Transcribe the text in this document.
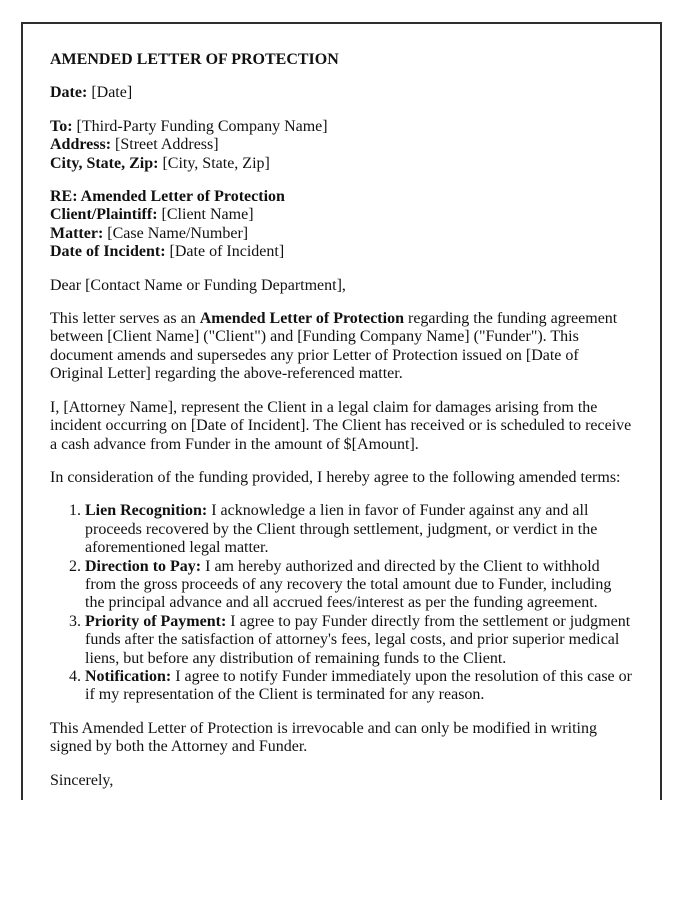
AMENDED LETTER OF PROTECTION

Date: [Date]

To: [Third-Party Funding Company Name]
Address: [Street Address]
City, State, Zip: [City, State, Zip]

RE: Amended Letter of Protection
Client/Plaintiff: [Client Name]
Matter: [Case Name/Number]
Date of Incident: [Date of Incident]

Dear [Contact Name or Funding Department],

This letter serves as an Amended Letter of Protection regarding the funding agreement between [Client Name] ("Client") and [Funding Company Name] ("Funder"). This document amends and supersedes any prior Letter of Protection issued on [Date of Original Letter] regarding the above-referenced matter.

I, [Attorney Name], represent the Client in a legal claim for damages arising from the incident occurring on [Date of Incident]. The Client has received or is scheduled to receive a cash advance from Funder in the amount of $[Amount].

In consideration of the funding provided, I hereby agree to the following amended terms:

1. Lien Recognition: I acknowledge a lien in favor of Funder against any and all proceeds recovered by the Client through settlement, judgment, or verdict in the aforementioned legal matter.
2. Direction to Pay: I am hereby authorized and directed by the Client to withhold from the gross proceeds of any recovery the total amount due to Funder, including the principal advance and all accrued fees/interest as per the funding agreement.
3. Priority of Payment: I agree to pay Funder directly from the settlement or judgment funds after the satisfaction of attorney's fees, legal costs, and prior superior medical liens, but before any distribution of remaining funds to the Client.
4. Notification: I agree to notify Funder immediately upon the resolution of this case or if my representation of the Client is terminated for any reason.

This Amended Letter of Protection is irrevocable and can only be modified in writing signed by both the Attorney and Funder.

Sincerely,
